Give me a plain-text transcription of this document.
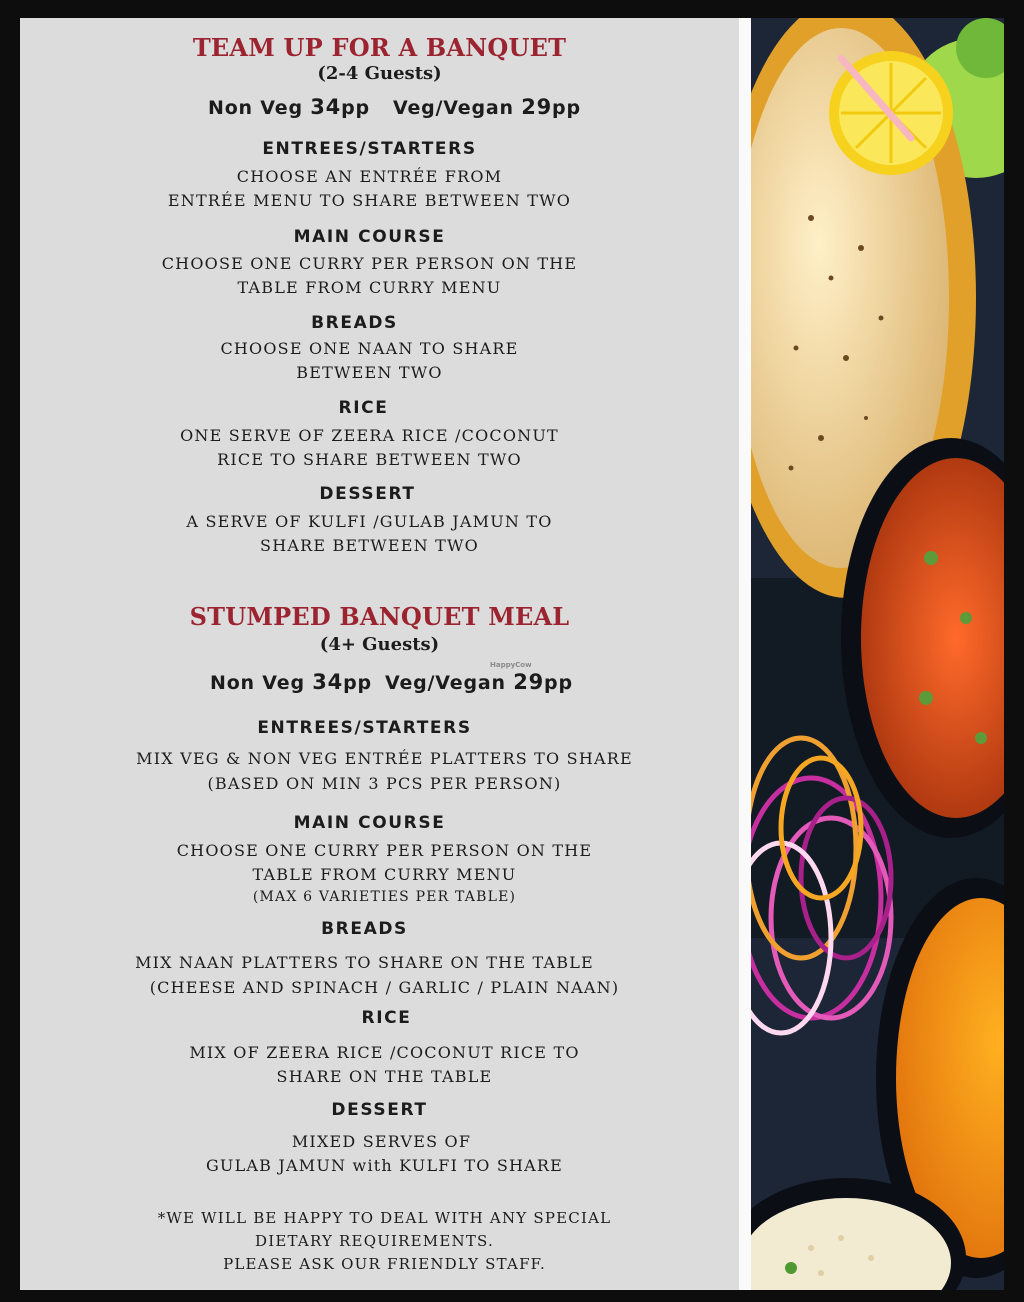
TEAM UP FOR A BANQUET
(2-4 Guests)
Non Veg 34pp Veg/Vegan 29pp
ENTREES/STARTERS
CHOOSE AN ENTRÉE FROM
ENTRÉE MENU TO SHARE BETWEEN TWO
MAIN COURSE
CHOOSE ONE CURRY PER PERSON ON THE
TABLE FROM CURRY MENU
BREADS
CHOOSE ONE NAAN TO SHARE
BETWEEN TWO
RICE
ONE SERVE OF ZEERA RICE /COCONUT
RICE TO SHARE BETWEEN TWO
DESSERT
A SERVE OF KULFI /GULAB JAMUN TO
SHARE BETWEEN TWO
STUMPED BANQUET MEAL
(4+ Guests)
HappyCow
Non Veg 34pp Veg/Vegan 29pp
ENTREES/STARTERS
MIX VEG & NON VEG ENTRÉE PLATTERS TO SHARE
(BASED ON MIN 3 PCS PER PERSON)
MAIN COURSE
CHOOSE ONE CURRY PER PERSON ON THE
TABLE FROM CURRY MENU
(MAX 6 VARIETIES PER TABLE)
BREADS
MIX NAAN PLATTERS TO SHARE ON THE TABLE
(CHEESE AND SPINACH / GARLIC / PLAIN NAAN)
RICE
MIX OF ZEERA RICE /COCONUT RICE TO
SHARE ON THE TABLE
DESSERT
MIXED SERVES OF
GULAB JAMUN with KULFI TO SHARE
*WE WILL BE HAPPY TO DEAL WITH ANY SPECIAL
DIETARY REQUIREMENTS.
PLEASE ASK OUR FRIENDLY STAFF.
